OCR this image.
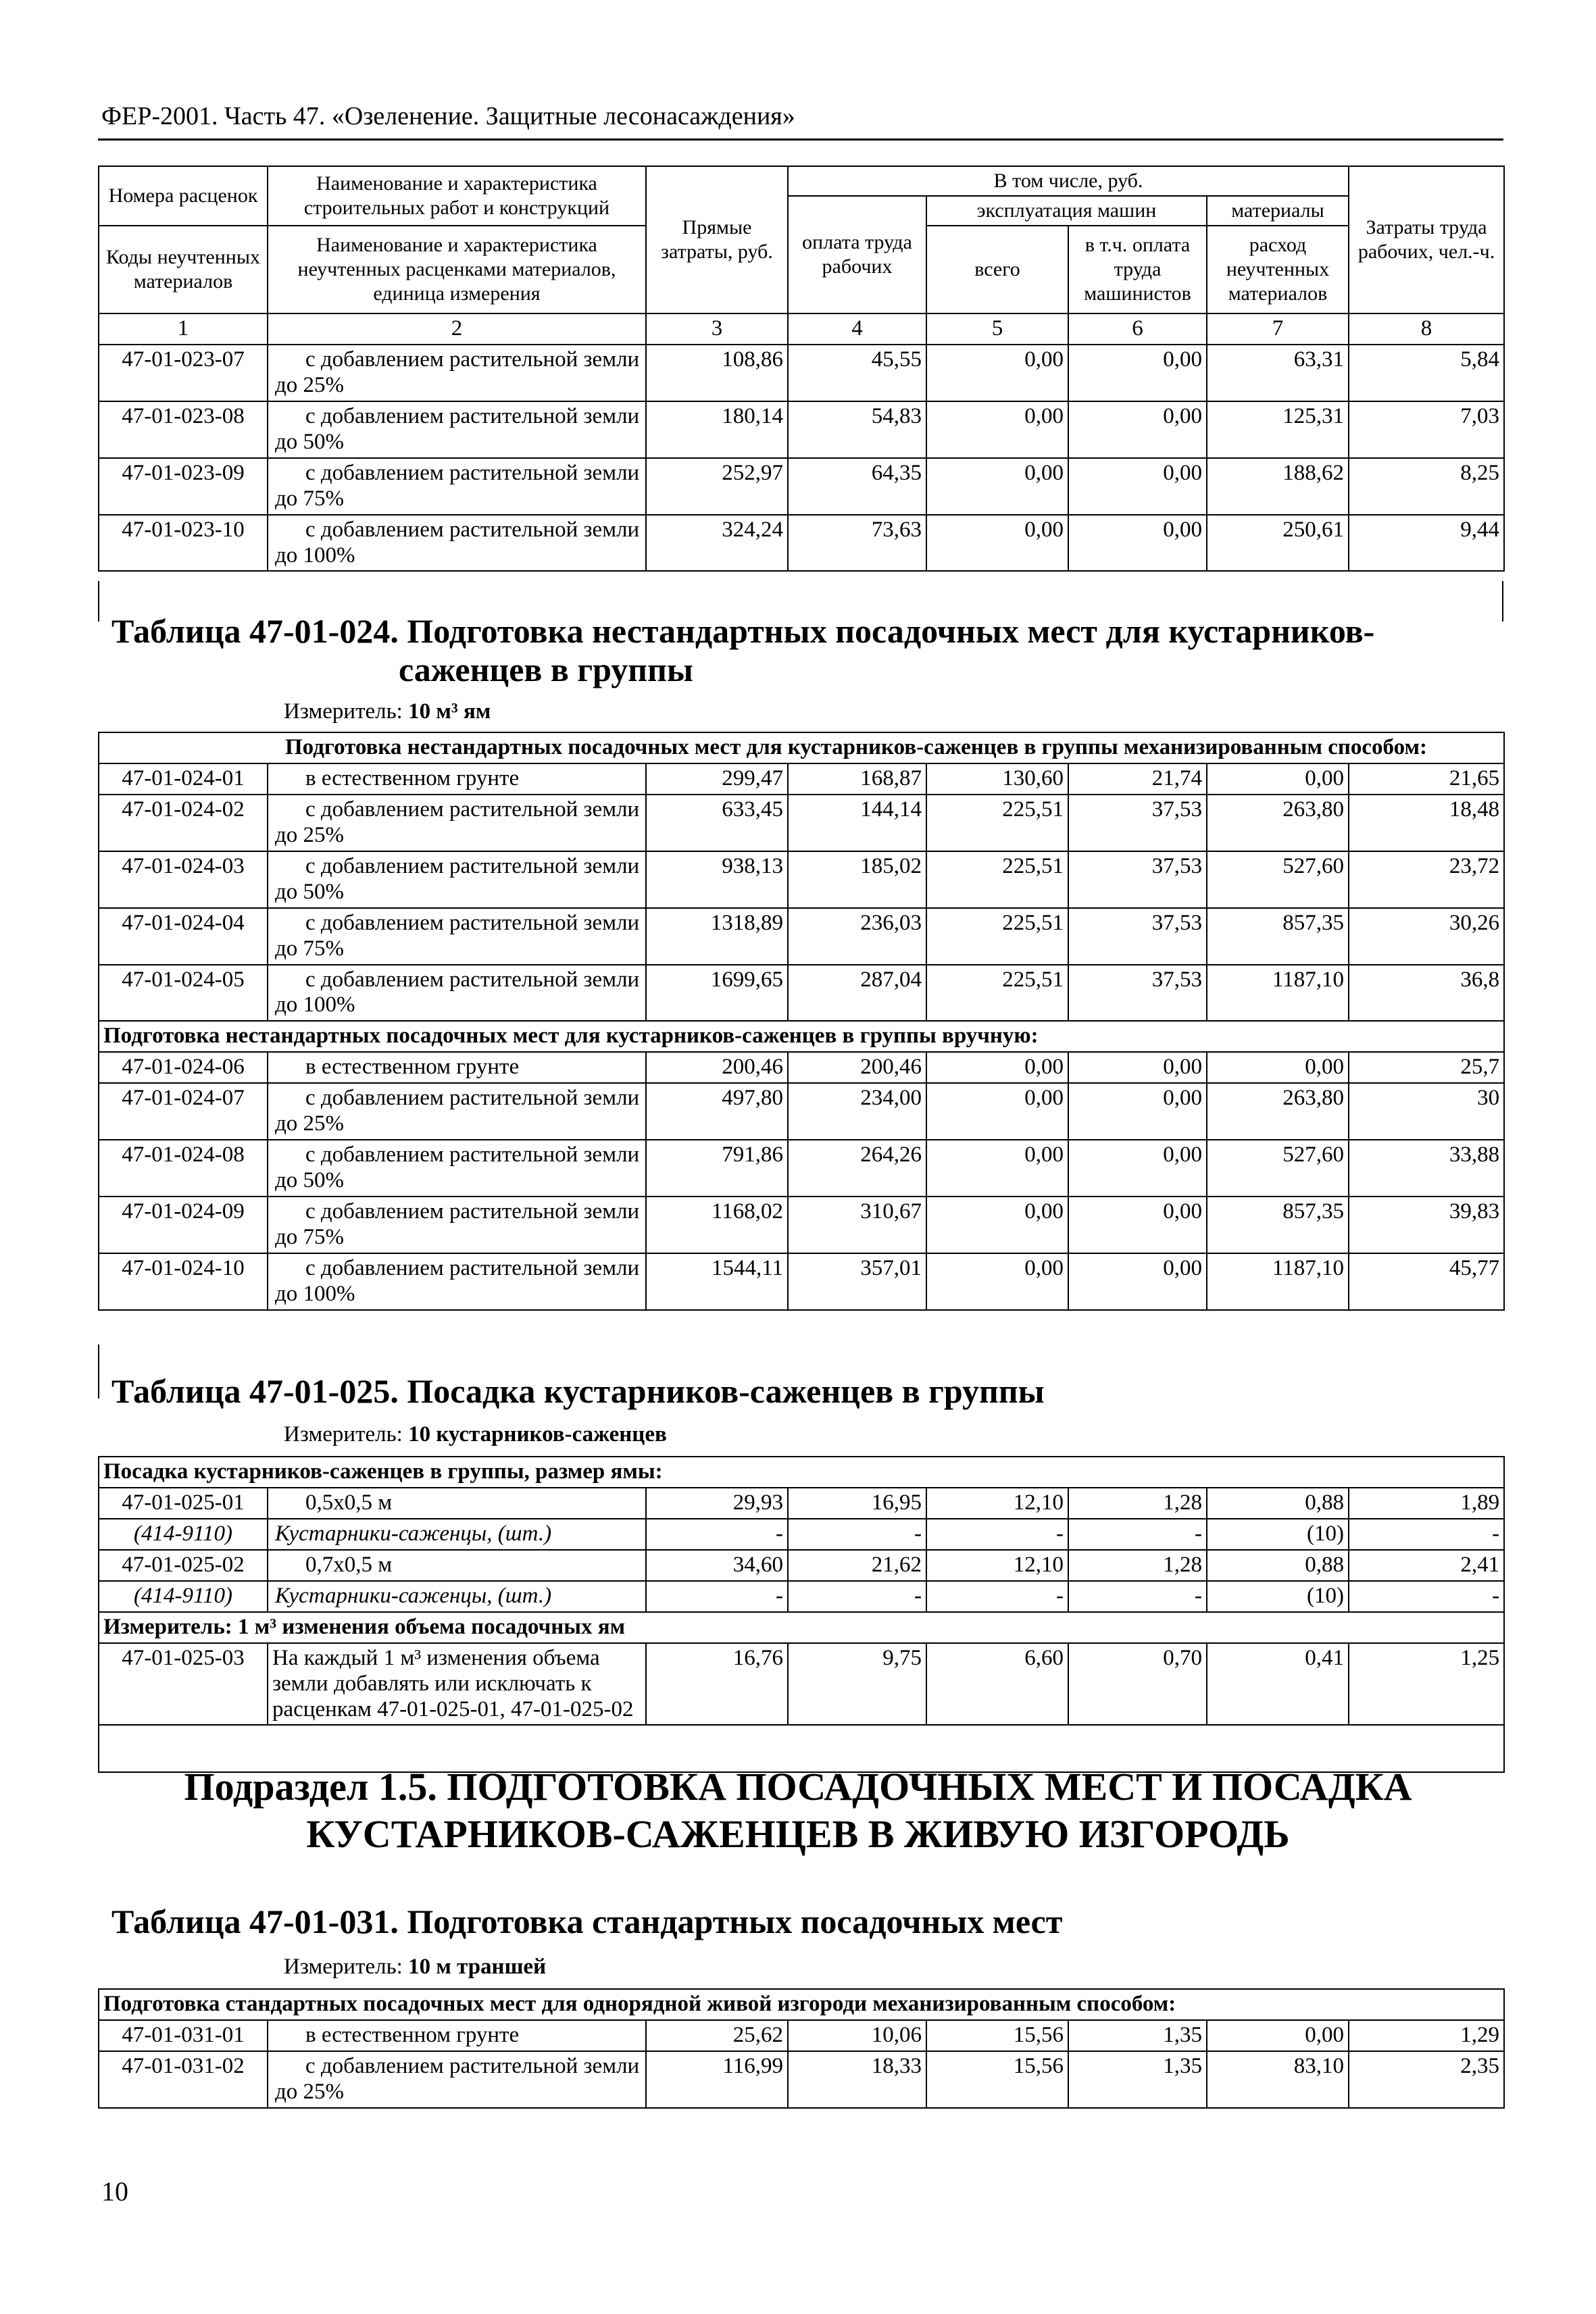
ФЕР-2001. Часть 47. «Озеленение. Защитные лесонасаждения»
Номера расценок	Наименование и характеристика строительных работ и конструкций	Прямые затраты, руб.	В том числе, руб.				Затраты труда рабочих, чел.-ч.
			оплата труда рабочих	эксплуатация машин		материалы	
Коды неучтенных материалов	Наименование и характеристика неучтенных расценками материалов, единица измерения			всего	в т.ч. оплата труда машинистов	расход неучтенных материалов	

1	2	3	4	5	6	7	8
47-01-023-07	с добавлением растительной земли до 25%	108,86	45,55	0,00	0,00	63,31	5,84
47-01-023-08	с добавлением растительной земли до 50%	180,14	54,83	0,00	0,00	125,31	7,03
47-01-023-09	с добавлением растительной земли до 75%	252,97	64,35	0,00	0,00	188,62	8,25
47-01-023-10	с добавлением растительной земли до 100%	324,24	73,63	0,00	0,00	250,61	9,44
Таблица 47-01-024. Подготовка нестандартных посадочных мест для кустарников-
саженцев в группы
Измеритель: 10 м³ ям
Подготовка нестандартных посадочных мест для кустарников-саженцев в группы механизированным способом:							
47-01-024-01	в естественном грунте	299,47	168,87	130,60	21,74	0,00	21,65
47-01-024-02	с добавлением растительной земли до 25%	633,45	144,14	225,51	37,53	263,80	18,48
47-01-024-03	с добавлением растительной земли до 50%	938,13	185,02	225,51	37,53	527,60	23,72
47-01-024-04	с добавлением растительной земли до 75%	1318,89	236,03	225,51	37,53	857,35	30,26
47-01-024-05	с добавлением растительной земли до 100%	1699,65	287,04	225,51	37,53	1187,10	36,8
Подготовка нестандартных посадочных мест для кустарников-саженцев в группы вручную:							
47-01-024-06	в естественном грунте	200,46	200,46	0,00	0,00	0,00	25,7
47-01-024-07	с добавлением растительной земли до 25%	497,80	234,00	0,00	0,00	263,80	30
47-01-024-08	с добавлением растительной земли до 50%	791,86	264,26	0,00	0,00	527,60	33,88
47-01-024-09	с добавлением растительной земли до 75%	1168,02	310,67	0,00	0,00	857,35	39,83
47-01-024-10	с добавлением растительной земли до 100%	1544,11	357,01	0,00	0,00	1187,10	45,77
Таблица 47-01-025. Посадка кустарников-саженцев в группы
Измеритель: 10 кустарников-саженцев
Посадка кустарников-саженцев в группы, размер ямы:							
47-01-025-01	0,5х0,5 м	29,93	16,95	12,10	1,28	0,88	1,89
(414-9110)	Кустарники-саженцы, (шт.)	-	-	-	-	(10)	-
47-01-025-02	0,7х0,5 м	34,60	21,62	12,10	1,28	0,88	2,41
(414-9110)	Кустарники-саженцы, (шт.)	-	-	-	-	(10)	-
Измеритель: 1 м³ изменения объема посадочных ям							
47-01-025-03	На каждый 1 м³ изменения объема земли добавлять или исключать к расценкам 47-01-025-01, 47-01-025-02	16,76	9,75	6,60	0,70	0,41	1,25

Подраздел 1.5. ПОДГОТОВКА ПОСАДОЧНЫХ МЕСТ И ПОСАДКА
КУСТАРНИКОВ-САЖЕНЦЕВ В ЖИВУЮ ИЗГОРОДЬ
Таблица 47-01-031. Подготовка стандартных посадочных мест
Измеритель: 10 м траншей
Подготовка стандартных посадочных мест для однорядной живой изгороди механизированным способом:							
47-01-031-01	в естественном грунте	25,62	10,06	15,56	1,35	0,00	1,29
47-01-031-02	с добавлением растительной земли до 25%	116,99	18,33	15,56	1,35	83,10	2,35
10
